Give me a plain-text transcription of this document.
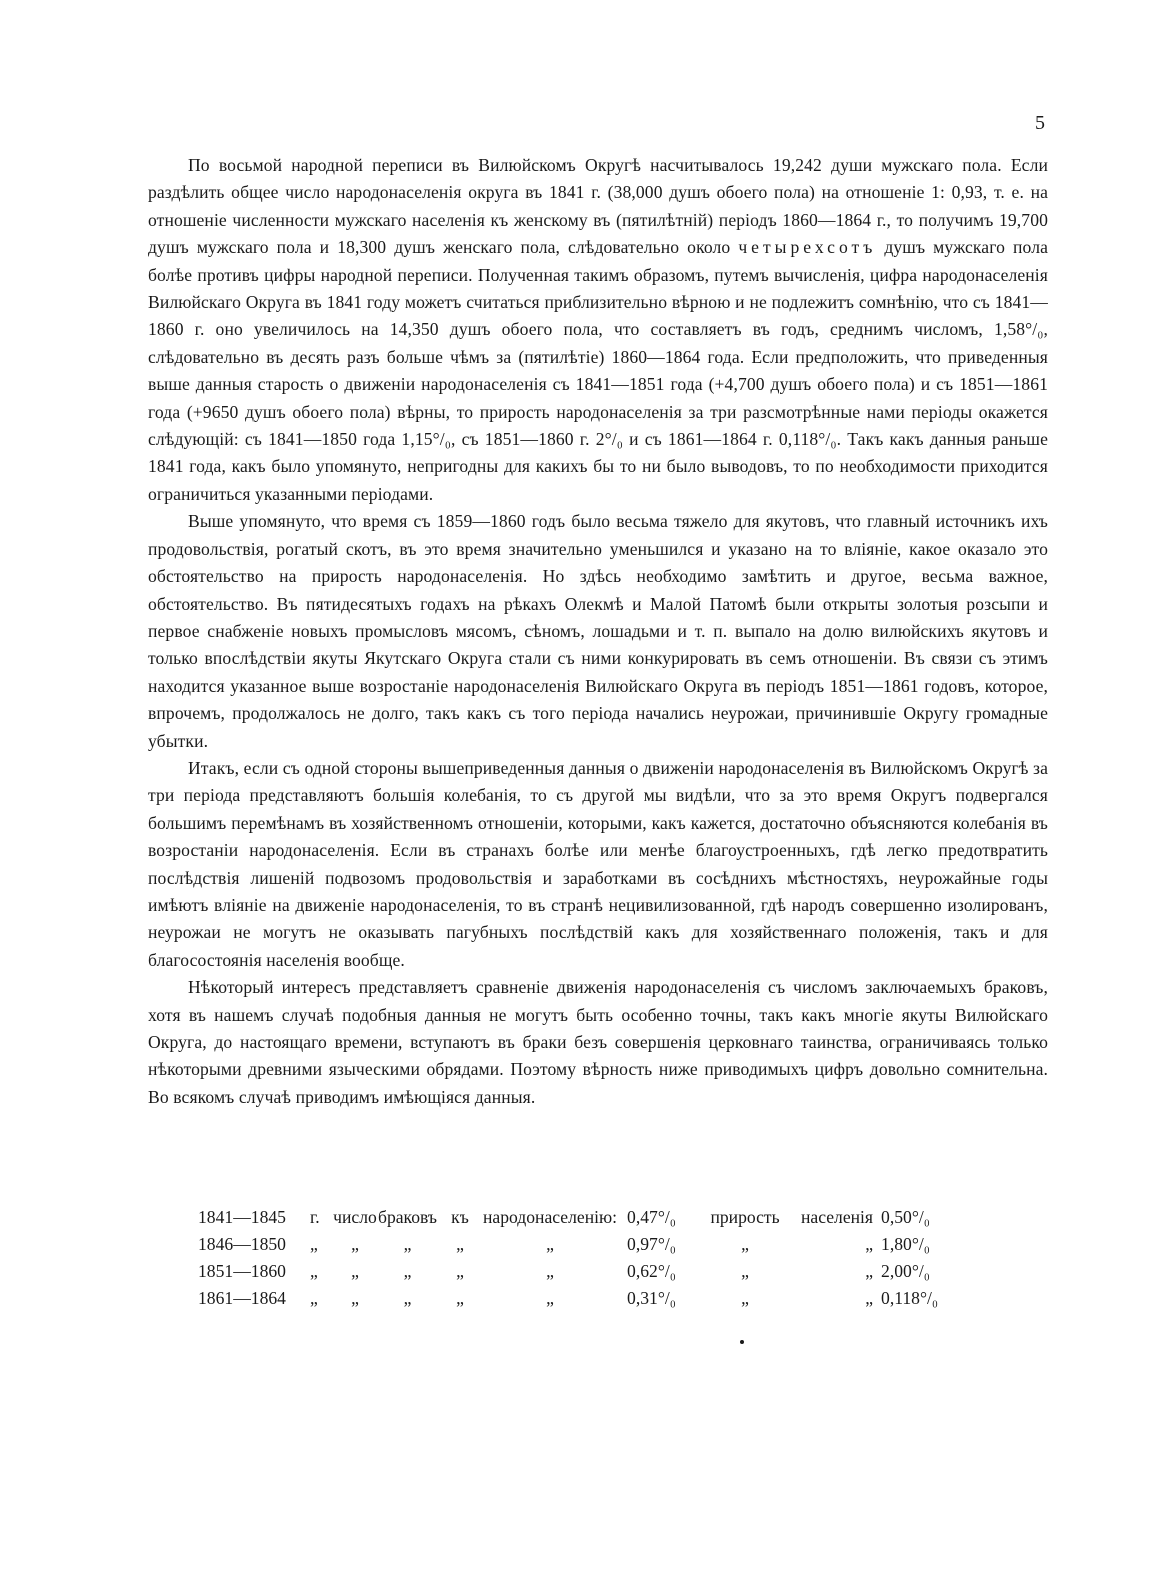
5

По восьмой народной переписи въ Вилюйскомъ Округѣ насчитывалось 19,242 души мужскаго пола. Если раздѣлить общее число народонаселенія округа въ 1841 г. (38,000 душъ обоего пола) на отношеніе 1: 0,93, т. е. на отношеніе численности мужскаго населенія къ женскому въ (пятилѣтній) періодъ 1860—1864 г., то получимъ 19,700 душъ мужскаго пола и 18,300 душъ женскаго пола, слѣдовательно около четырехсотъ душъ мужскаго пола болѣе противъ цифры народной переписи. Полученная такимъ образомъ, путемъ вычисленія, цифра народонаселенія Вилюйскаго Округа въ 1841 году можетъ считаться приблизительно вѣрною и не подлежитъ сомнѣнію, что съ 1841—1860 г. оно увеличилось на 14,350 душъ обоего пола, что составляетъ въ годъ, среднимъ числомъ, 1,58°/₀, слѣдовательно въ десять разъ больше чѣмъ за (пятилѣтіе) 1860—1864 года. Если предположить, что приведенныя выше данныя старость о движеніи народонаселенія съ 1841—1851 года (+4,700 душъ обоего пола) и съ 1851—1861 года (+9650 душъ обоего пола) вѣрны, то прирость народонаселенія за три разсмотрѣнные нами періоды окажется слѣдующій: съ 1841—1850 года 1,15°/₀, съ 1851—1860 г. 2°/₀ и съ 1861—1864 г. 0,118°/₀. Такъ какъ данныя раньше 1841 года, какъ было упомянуто, непригодны для какихъ бы то ни было выводовъ, то по необходимости приходится ограничиться указанными періодами.

Выше упомянуто, что время съ 1859—1860 годъ было весьма тяжело для якутовъ, что главный источникъ ихъ продовольствія, рогатый скотъ, въ это время значительно уменьшился и указано на то вліяніе, какое оказало это обстоятельство на прирость народонаселенія. Но здѣсь необходимо замѣтить и другое, весьма важное, обстоятельство. Въ пятидесятыхъ годахъ на рѣкахъ Олекмѣ и Малой Патомѣ были открыты золотыя розсыпи и первое снабженіе новыхъ промысловъ мясомъ, сѣномъ, лошадьми и т. п. выпало на долю вилюйскихъ якутовъ и только впослѣдствіи якуты Якутскаго Округа стали съ ними конкурировать въ семъ отношеніи. Въ связи съ этимъ находится указанное выше возростаніе народонаселенія Вилюйскаго Округа въ періодъ 1851—1861 годовъ, которое, впрочемъ, продолжалось не долго, такъ какъ съ того періода начались неурожаи, причинившіе Округу громадные убытки.

Итакъ, если съ одной стороны вышеприведенныя данныя о движеніи народонаселенія въ Вилюйскомъ Округѣ за три періода представляютъ большія колебанія, то съ другой мы видѣли, что за это время Округъ подвергался большимъ перемѣнамъ въ хозяйственномъ отношеніи, которыми, какъ кажется, достаточно объясняются колебанія въ возростаніи народонаселенія. Если въ странахъ болѣе или менѣе благоустроенныхъ, гдѣ легко предотвратить послѣдствія лишеній подвозомъ продовольствія и заработками въ сосѣднихъ мѣстностяхъ, неурожайные годы имѣютъ вліяніе на движеніе народонаселенія, то въ странѣ нецивилизованной, гдѣ народъ совершенно изолированъ, неурожаи не могутъ не оказывать пагубныхъ послѣдствій какъ для хозяйственнаго положенія, такъ и для благосостоянія населенія вообще.

Нѣкоторый интересъ представляетъ сравненіе движенія народонаселенія съ числомъ заключаемыхъ браковъ, хотя въ нашемъ случаѣ подобныя данныя не могутъ быть особенно точны, такъ какъ многіе якуты Вилюйскаго Округа, до настоящаго времени, вступаютъ въ браки безъ совершенія церковнаго таинства, ограничиваясь только нѣкоторыми древними языческими обрядами. Поэтому вѣрность ниже приводимыхъ цифръ довольно сомнительна. Во всякомъ случаѣ приводимъ имѣющіяся данныя.

1841—1845	г.	число	браковъ	къ	народонаселенію:	0,47°/₀	прирость	населенія	0,50°/₀
1846—1850	„	„	„	„	„	0,97°/₀	„	„	1,80°/₀
1851—1860	„	„	„	„	„	0,62°/₀	„	„	2,00°/₀
1861—1864	„	„	„	„	„	0,31°/₀	„	„	0,118°/₀
